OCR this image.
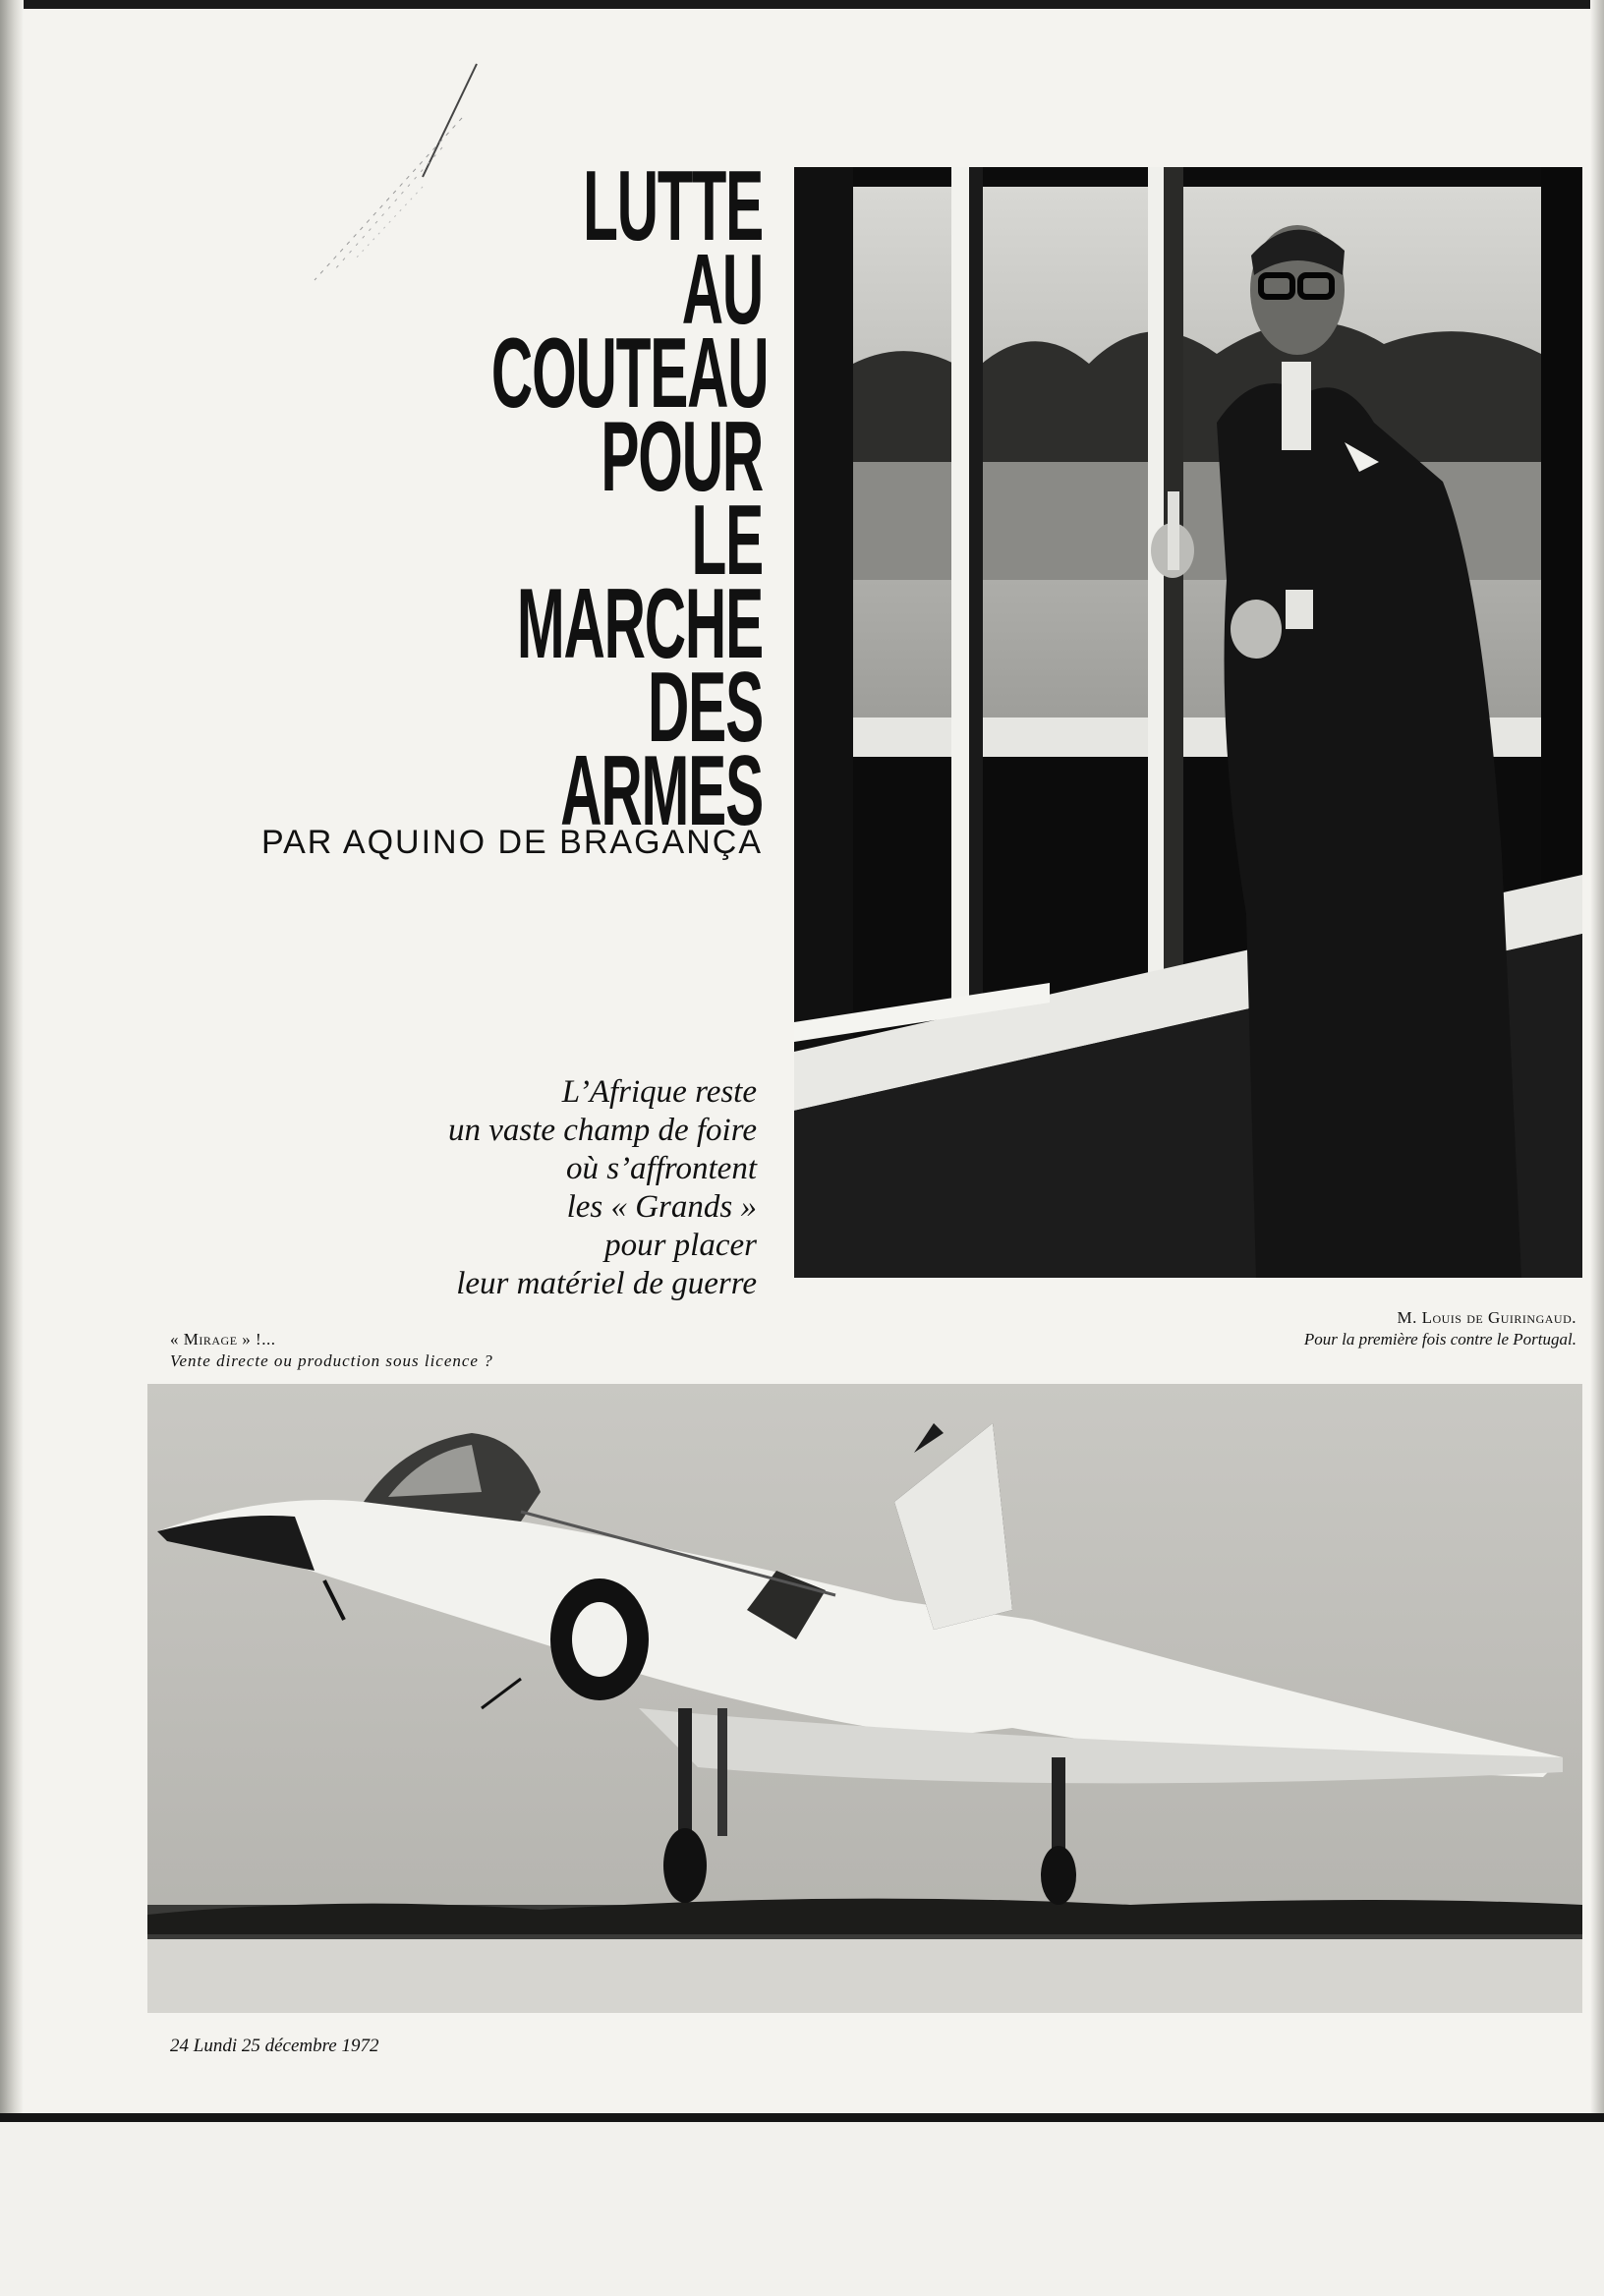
LUTTE
AU
COUTEAU
POUR
LE
MARCHE
DES
ARMES
PAR AQUINO DE BRAGANÇA
L’Afrique reste
un vaste champ de foire
où s’affrontent
les « Grands »
pour placer
leur matériel de guerre
M. Louis de Guiringaud.
Pour la première fois contre le Portugal.
« Mirage » !...
Vente directe ou production sous licence ?
24 Lundi 25 décembre 1972
